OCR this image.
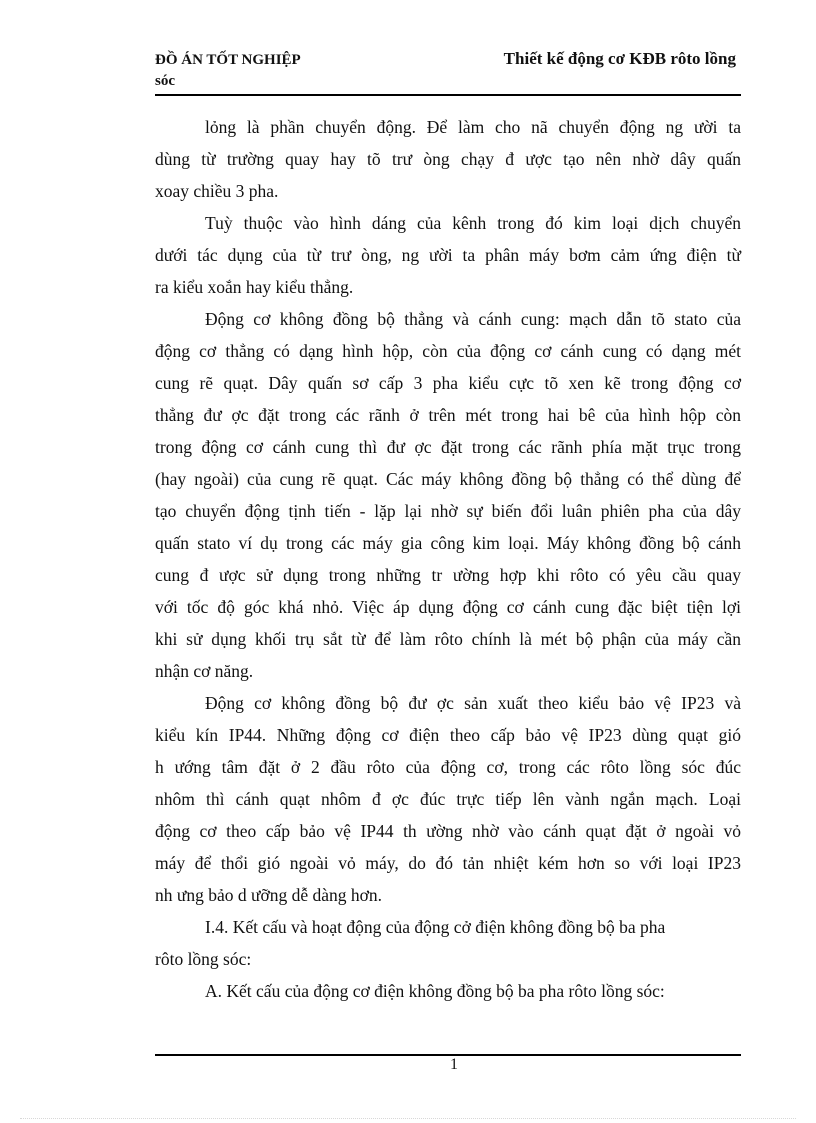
ĐỒ ÁN TỐT NGHIỆP
sóc
Thiết kế động cơ KĐB rôto lồng
lỏng là phần chuyển động. Để làm cho nã chuyển động ng ười ta
dùng từ trường quay hay tõ trư òng chạy đ ược tạo nên nhờ dây quấn
xoay chiều 3 pha.
Tuỳ thuộc vào hình dáng của kênh trong đó kim loại dịch chuyển
dưới tác dụng của từ trư òng, ng ười ta phân máy bơm cảm ứng điện từ
ra kiểu xoắn hay kiểu thẳng.
Động cơ không đồng bộ thẳng và cánh cung: mạch dẫn tõ stato của
động cơ thẳng có dạng hình hộp, còn của động cơ cánh cung có dạng mét
cung rẽ quạt. Dây quấn sơ cấp 3 pha kiểu cực tõ xen kẽ trong động cơ
thẳng đư ợc đặt trong các rãnh ở trên mét trong hai bê của hình hộp còn
trong động cơ cánh cung thì đư ợc đặt trong các rãnh phía mặt trục trong
(hay ngoài) của cung rẽ quạt. Các máy không đồng bộ thẳng có thể dùng để
tạo chuyển động tịnh tiến - lặp lại nhờ sự biến đổi luân phiên pha của dây
quấn stato ví dụ trong các máy gia công kim loại. Máy không đồng bộ cánh
cung đ ược sử dụng trong những tr ường hợp khi rôto có yêu cầu quay
với tốc độ góc khá nhỏ. Việc áp dụng động cơ cánh cung đặc biệt tiện lợi
khi sử dụng khối trụ sắt từ để làm rôto chính là mét bộ phận của máy cần
nhận cơ năng.
Động cơ không đồng bộ đư ợc sản xuất theo kiểu bảo vệ IP23 và
kiểu kín IP44. Những động cơ điện theo cấp bảo vệ IP23 dùng quạt gió
h ướng tâm đặt ở 2 đầu rôto của động cơ, trong các rôto lồng sóc đúc
nhôm thì cánh quạt nhôm đ ợc đúc trực tiếp lên vành ngắn mạch. Loại
động cơ theo cấp bảo vệ IP44 th ường nhờ vào cánh quạt đặt ở ngoài vỏ
máy để thổi gió ngoài vỏ máy, do đó tản nhiệt kém hơn so với loại IP23
nh ưng bảo d ưỡng dễ dàng hơn.
I.4. Kết cấu và hoạt động của động cở điện không đồng bộ ba pha
rôto lồng sóc:
A. Kết cấu của động cơ điện không đồng bộ ba pha rôto lồng sóc:
1
